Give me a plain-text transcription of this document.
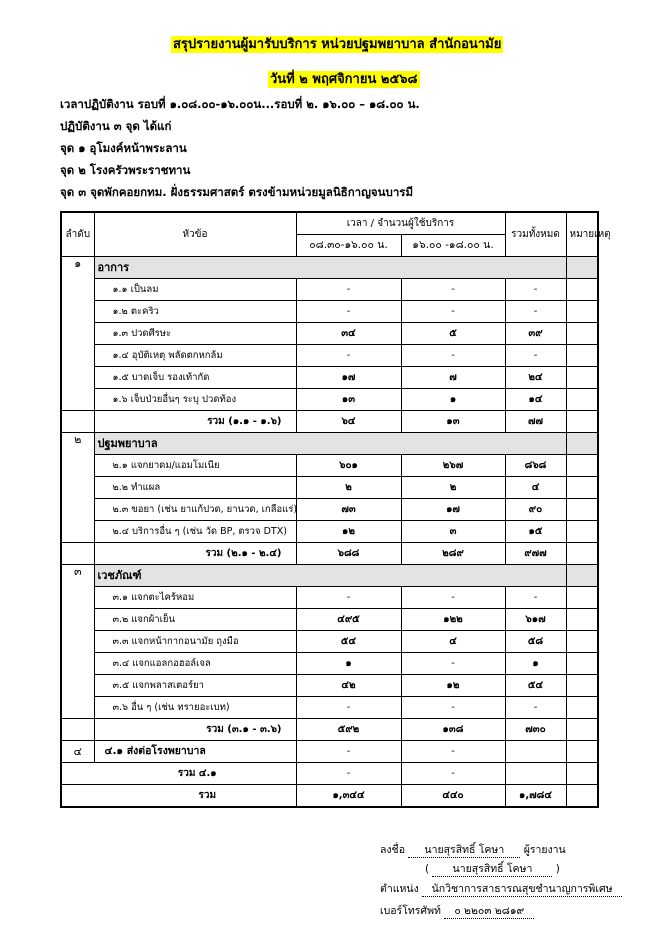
สรุปรายงานผู้มารับบริการ หน่วยปฐมพยาบาล สำนักอนามัย
วันที่ ๒ พฤศจิกายน ๒๕๖๘
เวลาปฏิบัติงาน รอบที่ ๑.๐๘.๐๐-๑๖.๐๐น...รอบที่ ๒. ๑๖.๐๐ – ๑๘.๐๐ น.
ปฏิบัติงาน ๓ จุด ได้แก่
จุด ๑ อุโมงค์หน้าพระลาน
จุด ๒ โรงครัวพระราชทาน
จุด ๓ จุดพักคอยกทม. ฝั่งธรรมศาสตร์ ตรงข้ามหน่วยมูลนิธิกาญจนบารมี
ลำดับ	หัวข้อ	เวลา / จำนวนผู้ใช้บริการ		รวมทั้งหมด	หมายเหตุ
		๐๘.๓๐-๑๖.๐๐ น.	๑๖.๐๐ -๑๘.๐๐ น.		
๑	อาการ				
	๑.๑ เป็นลม	-	-	-	
	๑.๒ ตะคริว	-	-	-	
	๑.๓ ปวดศีรษะ	๓๔	๕	๓๙	
	๑.๔ อุบัติเหตุ พลัดตกหกล้ม	-	-	-	
	๑.๕ บาดเจ็บ รองเท้ากัด	๑๗	๗	๒๔	
	๑.๖ เจ็บป่วยอื่นๆ ระบุ ปวดท้อง	๑๓	๑	๑๔	
	รวม (๑.๑ - ๑.๖)	๖๔	๑๓	๗๗	
๒	ปฐมพยาบาล				
	๒.๑ แจกยาดม/แอมโมเนีย	๖๐๑	๒๖๗	๘๖๘	
	๒.๒ ทำแผล	๒	๒	๔	
	๒.๓ ขอยา (เช่น ยาแก้ปวด, ยานวด, เกลือแร่)	๗๓	๑๗	๙๐	
	๒.๔ บริการอื่น ๆ (เช่น วัด BP, ตรวจ DTX)	๑๒	๓	๑๕	
	รวม (๒.๑ - ๒.๔)	๖๘๘	๒๘๙	๙๗๗	
๓	เวชภัณฑ์				
	๓.๑ แจกตะไคร้หอม	-	-	-	
	๓.๒ แจกผ้าเย็น	๔๙๕	๑๒๒	๖๑๗	
	๓.๓ แจกหน้ากากอนามัย ถุงมือ	๕๔	๔	๕๘	
	๓.๔ แจกแอลกอฮอล์เจล	๑	-	๑	
	๓.๕ แจกพลาสเตอร์ยา	๔๒	๑๒	๕๔	
	๓.๖ อื่น ๆ (เช่น ทรายอะเบท)	-	-	-	
	รวม (๓.๑ - ๓.๖)	๕๙๒	๑๓๘	๗๓๐	
๔	๔.๑ ส่งต่อโรงพยาบาล	-	-		
รวม ๔.๑		-	-		
รวม		๑,๓๔๔	๔๔๐	๑,๗๘๔	
ลงชื่อ นายสุรสิทธิ์ โคษา ผู้รายงาน
( นายสุรสิทธิ์ โคษา )
ตำแหน่ง นักวิชาการสาธารณสุขชำนาญการพิเศษ
เบอร์โทรศัพท์ ๐ ๒๒๐๓ ๒๘๑๙
